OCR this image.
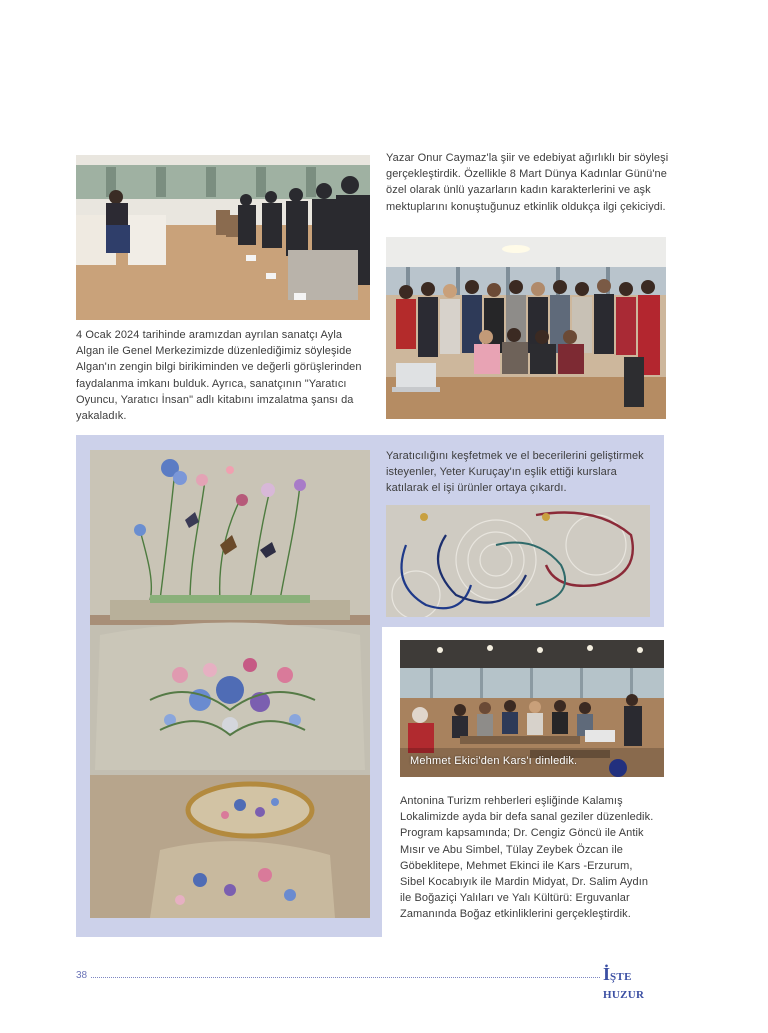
Yazar Onur Caymaz'la şiir ve edebiyat ağırlıklı bir söyleşi gerçekleştirdik. Özellikle 8 Mart Dünya Kadınlar Günü'ne özel olarak ünlü yazarların kadın karakterlerini ve aşk mektuplarını konuştuğunuz etkinlik oldukça ilgi çekiciydi.
4 Ocak 2024 tarihinde aramızdan ayrılan sanatçı Ayla Algan ile Genel Merkezimizde düzenlediğimiz söyleşide Algan'ın zengin bilgi birikiminden ve değerli görüşlerinden faydalanma imkanı bulduk. Ayrıca, sanatçının "Yaratıcı Oyuncu, Yaratıcı İnsan" adlı kitabını imzalatma şansı da yakaladık.
Yaratıcılığını keşfetmek ve el becerilerini geliştirmek isteyenler, Yeter Kuruçay'ın eşlik ettiği kurslara katılarak el işi ürünler ortaya çıkardı.
Mehmet Ekici'den Kars'ı dinledik.
Antonina Turizm rehberleri eşliğinde Kalamış Lokalimizde ayda bir defa sanal geziler düzenledik. Program kapsamında; Dr. Cengiz Göncü ile Antik Mısır ve Abu Simbel, Tülay Zeybek Özcan ile Göbeklitepe, Mehmet Ekinci ile Kars -Erzurum, Sibel Kocabıyık ile Mardin Midyat, Dr. Salim Aydın ile Boğaziçi Yalıları ve Yalı Kültürü: Erguvanlar Zamanında Boğaz etkinliklerini gerçekleştirdik.
38	İŞTE HUZUR
